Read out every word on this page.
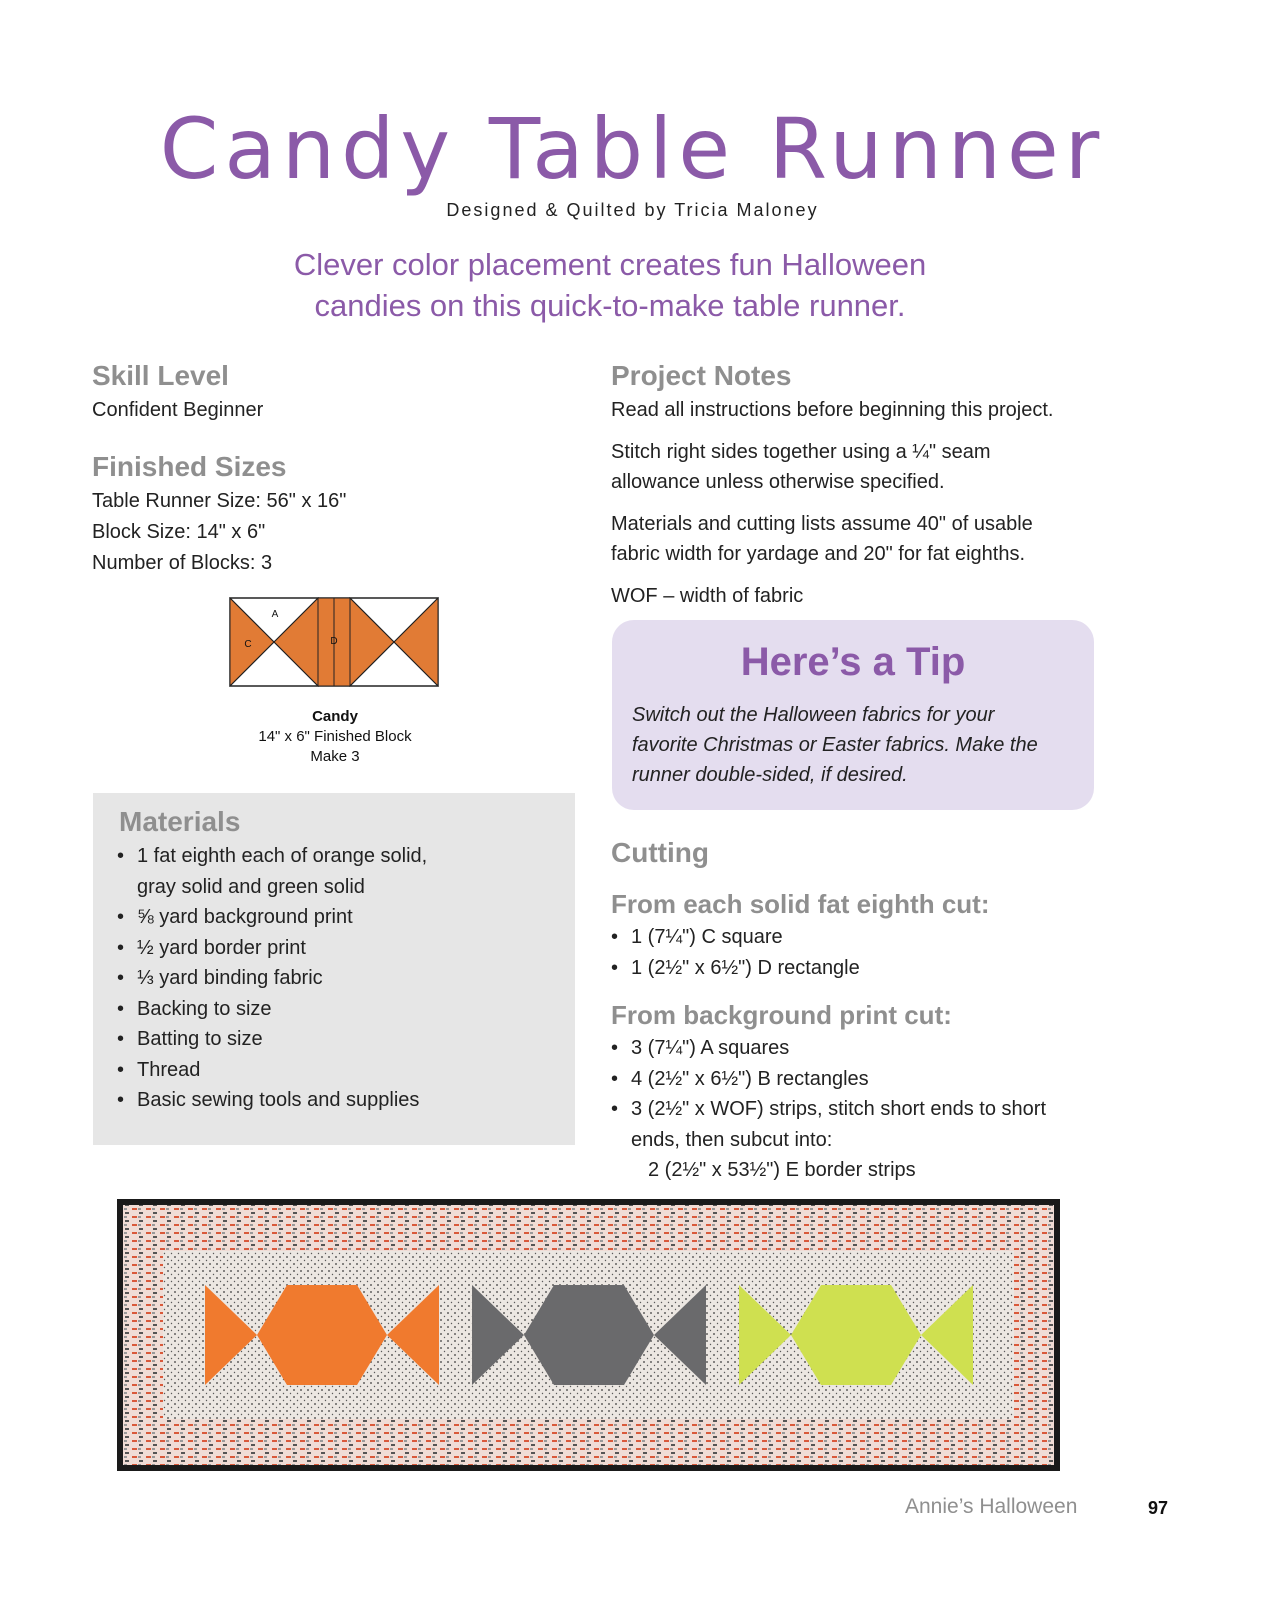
Candy Table Runner
Designed & Quilted by Tricia Maloney
Clever color placement creates fun Halloween
candies on this quick-to-make table runner.
Skill Level
Confident Beginner
Finished Sizes
Table Runner Size: 56" x 16"
Block Size: 14" x 6"
Number of Blocks: 3
A
C	D
Candy
14" x 6" Finished Block
Make 3
Materials
• 1 fat eighth each of orange solid,
gray solid and green solid
• ⅝ yard background print
• ½ yard border print
• ⅓ yard binding fabric
• Backing to size
• Batting to size
• Thread
• Basic sewing tools and supplies
Project Notes
Read all instructions before beginning this project.
Stitch right sides together using a ¼" seam
allowance unless otherwise specified.
Materials and cutting lists assume 40" of usable
fabric width for yardage and 20" for fat eighths.
WOF – width of fabric
Here’s a Tip
Switch out the Halloween fabrics for your
favorite Christmas or Easter fabrics. Make the
runner double-sided, if desired.
Cutting
From each solid fat eighth cut:
• 1 (7¼") C square
• 1 (2½" x 6½") D rectangle
From background print cut:
• 3 (7¼") A squares
• 4 (2½" x 6½") B rectangles
• 3 (2½" x WOF) strips, stitch short ends to short
ends, then subcut into:
2 (2½" x 53½") E border strips
Annie’s Halloween	97
